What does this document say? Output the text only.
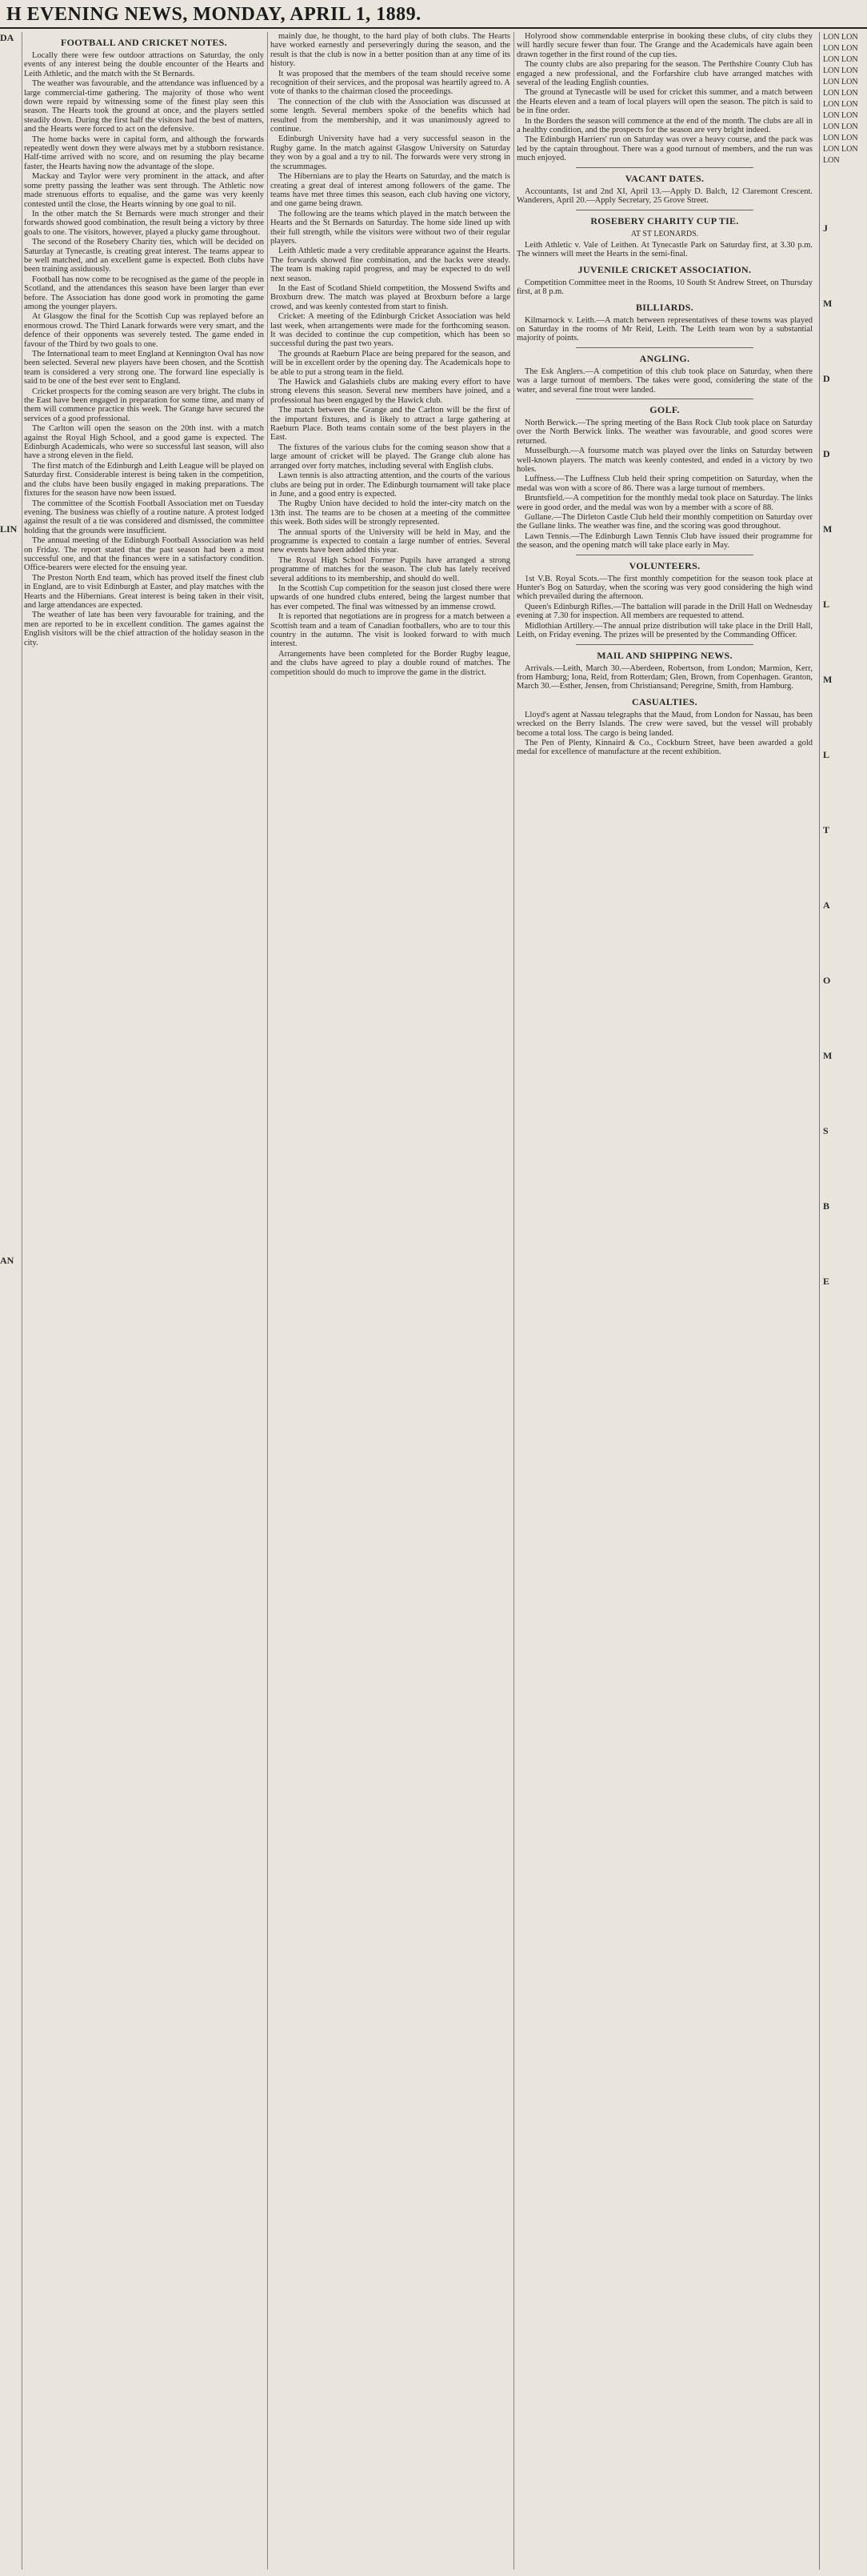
H EVENING NEWS, MONDAY, APRIL 1, 1889.
DA
LIN
AN

FOOTBALL AND CRICKET NOTES.

Locally there were few outdoor attractions on Saturday, the only events of any interest being the double encounter of the Hearts and Leith Athletic, and the match with the St Bernards.

The weather was favourable, and the attendance was influenced by a large commercial-time gathering. The majority of those who went down were repaid by witnessing some of the finest play seen this season. The Hearts took the ground at once, and the players settled steadily down. During the first half the visitors had the best of matters, and the Hearts were forced to act on the defensive.

The home backs were in capital form, and although the forwards repeatedly went down they were always met by a stubborn resistance. Half-time arrived with no score, and on resuming the play became faster, the Hearts having now the advantage of the slope.

Mackay and Taylor were very prominent in the attack, and after some pretty passing the leather was sent through. The Athletic now made strenuous efforts to equalise, and the game was very keenly contested until the close, the Hearts winning by one goal to nil.

In the other match the St Bernards were much stronger and their forwards showed good combination, the result being a victory by three goals to one. The visitors, however, played a plucky game throughout.

The second of the Rosebery Charity ties, which will be decided on Saturday at Tynecastle, is creating great interest. The teams appear to be well matched, and an excellent game is expected. Both clubs have been training assiduously.

Football has now come to be recognised as the game of the people in Scotland, and the attendances this season have been larger than ever before. The Association has done good work in promoting the game among the younger players.

At Glasgow the final for the Scottish Cup was replayed before an enormous crowd. The Third Lanark forwards were very smart, and the defence of their opponents was severely tested. The game ended in favour of the Third by two goals to one.

The International team to meet England at Kennington Oval has now been selected. Several new players have been chosen, and the Scottish team is considered a very strong one. The forward line especially is said to be one of the best ever sent to England.

Cricket prospects for the coming season are very bright. The clubs in the East have been engaged in preparation for some time, and many of them will commence practice this week. The Grange have secured the services of a good professional.

The Carlton will open the season on the 20th inst. with a match against the Royal High School, and a good game is expected. The Edinburgh Academicals, who were so successful last season, will also have a strong eleven in the field.

The first match of the Edinburgh and Leith League will be played on Saturday first. Considerable interest is being taken in the competition, and the clubs have been busily engaged in making preparations. The fixtures for the season have now been issued.

The committee of the Scottish Football Association met on Tuesday evening. The business was chiefly of a routine nature. A protest lodged against the result of a tie was considered and dismissed, the committee holding that the grounds were insufficient.

The annual meeting of the Edinburgh Football Association was held on Friday. The report stated that the past season had been a most successful one, and that the finances were in a satisfactory condition. Office-bearers were elected for the ensuing year.

The Preston North End team, which has proved itself the finest club in England, are to visit Edinburgh at Easter, and play matches with the Hearts and the Hibernians. Great interest is being taken in their visit, and large attendances are expected.

The weather of late has been very favourable for training, and the men are reported to be in excellent condition. The games against the English visitors will be the chief attraction of the holiday season in the city.

mainly due, he thought, to the hard play of both clubs. The Hearts have worked earnestly and perseveringly during the season, and the result is that the club is now in a better position than at any time of its history.

It was proposed that the members of the team should receive some recognition of their services, and the proposal was heartily agreed to. A vote of thanks to the chairman closed the proceedings.

The connection of the club with the Association was discussed at some length. Several members spoke of the benefits which had resulted from the membership, and it was unanimously agreed to continue.

Edinburgh University have had a very successful season in the Rugby game. In the match against Glasgow University on Saturday they won by a goal and a try to nil. The forwards were very strong in the scrummages.

The Hibernians are to play the Hearts on Saturday, and the match is creating a great deal of interest among followers of the game. The teams have met three times this season, each club having one victory, and one game being drawn.

The following are the teams which played in the match between the Hearts and the St Bernards on Saturday. The home side lined up with their full strength, while the visitors were without two of their regular players.

Leith Athletic made a very creditable appearance against the Hearts. The forwards showed fine combination, and the backs were steady. The team is making rapid progress, and may be expected to do well next season.

In the East of Scotland Shield competition, the Mossend Swifts and Broxburn drew. The match was played at Broxburn before a large crowd, and was keenly contested from start to finish.

Cricket: A meeting of the Edinburgh Cricket Association was held last week, when arrangements were made for the forthcoming season. It was decided to continue the cup competition, which has been so successful during the past two years.

The grounds at Raeburn Place are being prepared for the season, and will be in excellent order by the opening day. The Academicals hope to be able to put a strong team in the field.

The Hawick and Galashiels clubs are making every effort to have strong elevens this season. Several new members have joined, and a professional has been engaged by the Hawick club.

The match between the Grange and the Carlton will be the first of the important fixtures, and is likely to attract a large gathering at Raeburn Place. Both teams contain some of the best players in the East.

The fixtures of the various clubs for the coming season show that a large amount of cricket will be played. The Grange club alone has arranged over forty matches, including several with English clubs.

Lawn tennis is also attracting attention, and the courts of the various clubs are being put in order. The Edinburgh tournament will take place in June, and a good entry is expected.

The Rugby Union have decided to hold the inter-city match on the 13th inst. The teams are to be chosen at a meeting of the committee this week. Both sides will be strongly represented.

The annual sports of the University will be held in May, and the programme is expected to contain a large number of entries. Several new events have been added this year.

The Royal High School Former Pupils have arranged a strong programme of matches for the season. The club has lately received several additions to its membership, and should do well.

In the Scottish Cup competition for the season just closed there were upwards of one hundred clubs entered, being the largest number that has ever competed. The final was witnessed by an immense crowd.

It is reported that negotiations are in progress for a match between a Scottish team and a team of Canadian footballers, who are to tour this country in the autumn. The visit is looked forward to with much interest.

Arrangements have been completed for the Border Rugby league, and the clubs have agreed to play a double round of matches. The competition should do much to improve the game in the district.

Holyrood show commendable enterprise in booking these clubs, of city clubs they will hardly secure fewer than four. The Grange and the Academicals have again been drawn together in the first round of the cup ties.

The county clubs are also preparing for the season. The Perthshire County Club has engaged a new professional, and the Forfarshire club have arranged matches with several of the leading English counties.

The ground at Tynecastle will be used for cricket this summer, and a match between the Hearts eleven and a team of local players will open the season. The pitch is said to be in fine order.

In the Borders the season will commence at the end of the month. The clubs are all in a healthy condition, and the prospects for the season are very bright indeed.

The Edinburgh Harriers' run on Saturday was over a heavy course, and the pack was led by the captain throughout. There was a good turnout of members, and the run was much enjoyed.

VACANT DATES.

Accountants, 1st and 2nd XI, April 13.—Apply D. Balch, 12 Claremont Crescent. Wanderers, April 20.—Apply Secretary, 25 Grove Street.

ROSEBERY CHARITY CUP TIE.

AT ST LEONARDS.

Leith Athletic v. Vale of Leithen. At Tynecastle Park on Saturday first, at 3.30 p.m. The winners will meet the Hearts in the semi-final.

JUVENILE CRICKET ASSOCIATION.

Competition Committee meet in the Rooms, 10 South St Andrew Street, on Thursday first, at 8 p.m.

BILLIARDS.

Kilmarnock v. Leith.—A match between representatives of these towns was played on Saturday in the rooms of Mr Reid, Leith. The Leith team won by a substantial majority of points.

ANGLING.

The Esk Anglers.—A competition of this club took place on Saturday, when there was a large turnout of members. The takes were good, considering the state of the water, and several fine trout were landed.

GOLF.

North Berwick.—The spring meeting of the Bass Rock Club took place on Saturday over the North Berwick links. The weather was favourable, and good scores were returned.

Musselburgh.—A foursome match was played over the links on Saturday between well-known players. The match was keenly contested, and ended in a victory by two holes.

Luffness.—The Luffness Club held their spring competition on Saturday, when the medal was won with a score of 86. There was a large turnout of members.

Bruntsfield.—A competition for the monthly medal took place on Saturday. The links were in good order, and the medal was won by a member with a score of 88.

Gullane.—The Dirleton Castle Club held their monthly competition on Saturday over the Gullane links. The weather was fine, and the scoring was good throughout.

Lawn Tennis.—The Edinburgh Lawn Tennis Club have issued their programme for the season, and the opening match will take place early in May.

VOLUNTEERS.

1st V.B. Royal Scots.—The first monthly competition for the season took place at Hunter's Bog on Saturday, when the scoring was very good considering the high wind which prevailed during the afternoon.

Queen's Edinburgh Rifles.—The battalion will parade in the Drill Hall on Wednesday evening at 7.30 for inspection. All members are requested to attend.

Midlothian Artillery.—The annual prize distribution will take place in the Drill Hall, Leith, on Friday evening. The prizes will be presented by the Commanding Officer.

MAIL AND SHIPPING NEWS.

Arrivals.—Leith, March 30.—Aberdeen, Robertson, from London; Marmion, Kerr, from Hamburg; Iona, Reid, from Rotterdam; Glen, Brown, from Copenhagen. Granton, March 30.—Esther, Jensen, from Christiansand; Peregrine, Smith, from Hamburg.

CASUALTIES.

Lloyd's agent at Nassau telegraphs that the Maud, from London for Nassau, has been wrecked on the Berry Islands. The crew were saved, but the vessel will probably become a total loss. The cargo is being landed.

The Pen of Plenty, Kinnaird & Co., Cockburn Street, have been awarded a gold medal for excellence of manufacture at the recent exhibition.

LON LON LON LON LON LON LON LON LON LON LON LON LON LON LON LON LON LON LON LON LON LON LON
J
M
D
D
M
L
M
L
T
A
O
M
S
B
E
